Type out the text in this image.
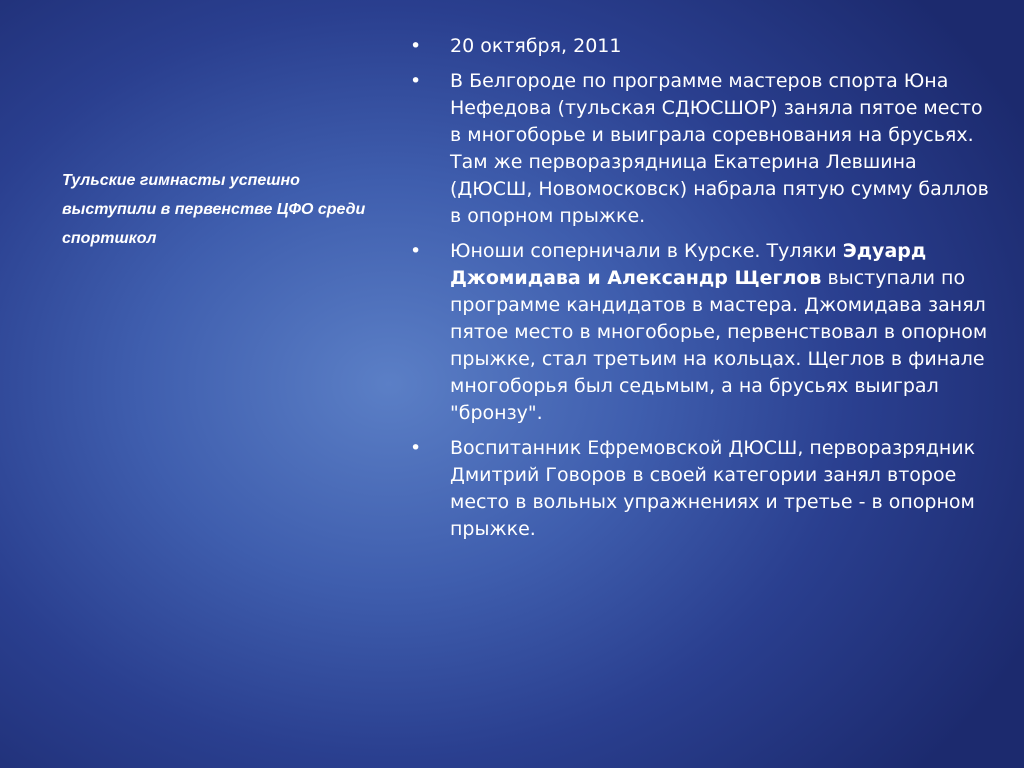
Тульские гимнасты успешно выступили в первенстве ЦФО среди спортшкол

• 20 октября, 2011
• В Белгороде по программе мастеров спорта Юна Нефедова (тульская СДЮСШОР) заняла пятое место в многоборье и выиграла соревнования на брусьях. Там же перворазрядница Екатерина Левшина (ДЮСШ, Новомосковск) набрала пятую сумму баллов в опорном прыжке.
• Юноши соперничали в Курске. Туляки Эдуард Джомидава и Александр Щеглов выступали по программе кандидатов в мастера. Джомидава занял пятое место в многоборье, первенствовал в опорном прыжке, стал третьим на кольцах. Щеглов в финале многоборья был седьмым, а на брусьях выиграл "бронзу".
• Воспитанник Ефремовской ДЮСШ, перворазрядник Дмитрий Говоров в своей категории занял второе место в вольных упражнениях и третье - в опорном прыжке.
